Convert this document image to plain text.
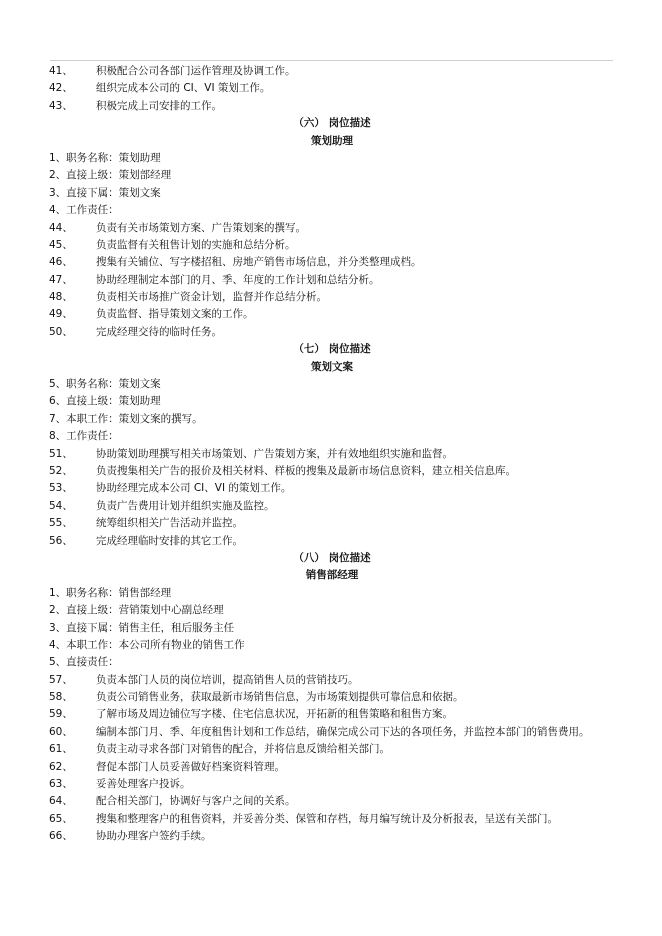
41、 积极配合公司各部门运作管理及协调工作。
42、 组织完成本公司的 CI、VI 策划工作。
43、 积极完成上司安排的工作。
（六） 岗位描述
策划助理
1、职务名称：策划助理
2、直接上级：策划部经理
3、直接下属：策划文案
4、工作责任：
44、 负责有关市场策划方案、广告策划案的撰写。
45、 负责监督有关租售计划的实施和总结分析。
46、 搜集有关铺位、写字楼招租、房地产销售市场信息，并分类整理成档。
47、 协助经理制定本部门的月、季、年度的工作计划和总结分析。
48、 负责相关市场推广资金计划，监督并作总结分析。
49、 负责监督、指导策划文案的工作。
50、 完成经理交待的临时任务。
（七） 岗位描述
策划文案
5、职务名称：策划文案
6、直接上级：策划助理
7、本职工作：策划文案的撰写。
8、工作责任：
51、 协助策划助理撰写相关市场策划、广告策划方案，并有效地组织实施和监督。
52、 负责搜集相关广告的报价及相关材料、样板的搜集及最新市场信息资料，建立相关信息库。
53、 协助经理完成本公司 CI、VI 的策划工作。
54、 负责广告费用计划并组织实施及监控。
55、 统筹组织相关广告活动并监控。
56、 完成经理临时安排的其它工作。
（八） 岗位描述
销售部经理
1、职务名称：销售部经理
2、直接上级：营销策划中心副总经理
3、直接下属：销售主任，租后服务主任
4、本职工作：本公司所有物业的销售工作
5、直接责任：
57、 负责本部门人员的岗位培训，提高销售人员的营销技巧。
58、 负责公司销售业务，获取最新市场销售信息，为市场策划提供可靠信息和依据。
59、 了解市场及周边铺位写字楼、住宅信息状况，开拓新的租售策略和租售方案。
60、	编制本部门月、季、年度租售计划和工作总结，确保完成公司下达的各项任务，并监控本部门的销售费用。
61、 负责主动寻求各部门对销售的配合，并将信息反馈给相关部门。
62、 督促本部门人员妥善做好档案资料管理。
63、 妥善处理客户投诉。
64、 配合相关部门，协调好与客户之间的关系。
65、 搜集和整理客户的租售资料，并妥善分类、保管和存档，每月编写统计及分析报表，呈送有关部门。
66、 协助办理客户签约手续。
